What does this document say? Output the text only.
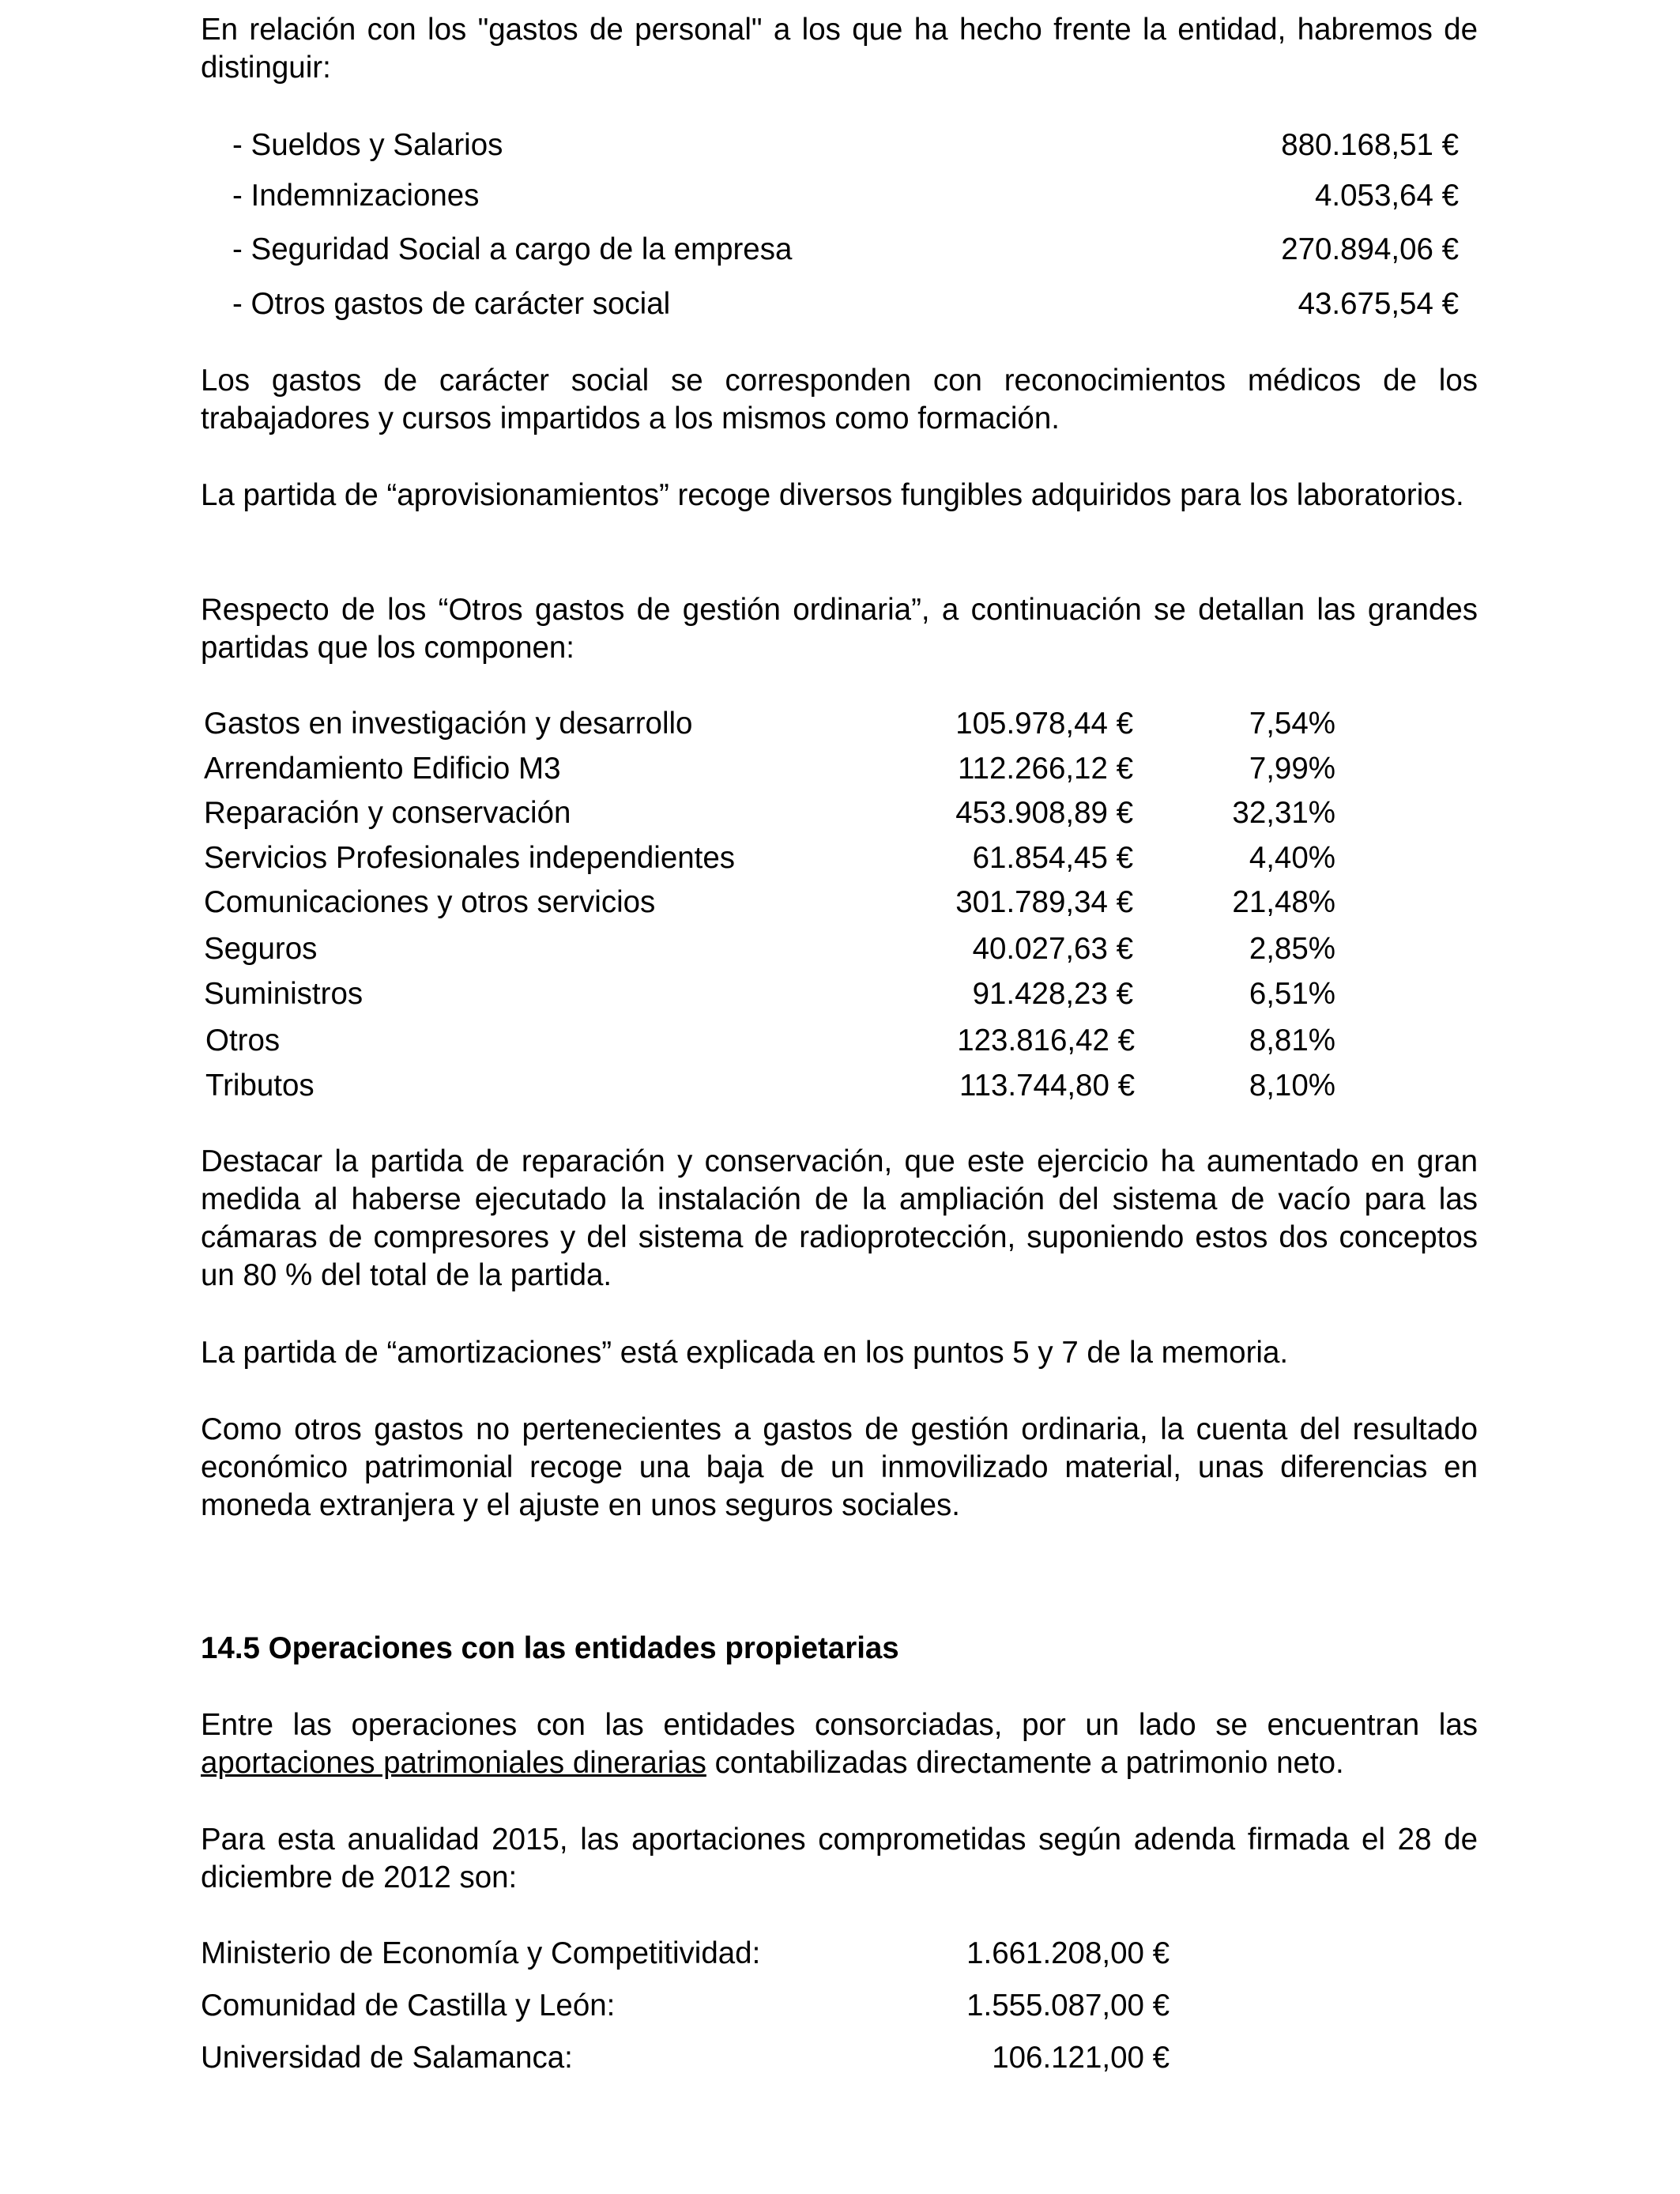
En relación con los "gastos de personal" a los que ha hecho frente la entidad, habremos de distinguir:

- Sueldos y Salarios	880.168,51 €
- Indemnizaciones	4.053,64 €
- Seguridad Social a cargo de la empresa	270.894,06 €
- Otros gastos de carácter social	43.675,54 €

Los gastos de carácter social se corresponden con reconocimientos médicos de los trabajadores y cursos impartidos a los mismos como formación.

La partida de “aprovisionamientos” recoge diversos fungibles adquiridos para los laboratorios.

Respecto de los “Otros gastos de gestión ordinaria”, a continuación se detallan las grandes partidas que los componen:

Gastos en investigación y desarrollo	105.978,44 €	7,54%
Arrendamiento Edificio M3	112.266,12 €	7,99%
Reparación y conservación	453.908,89 €	32,31%
Servicios Profesionales independientes	61.854,45 €	4,40%
Comunicaciones y otros servicios	301.789,34 €	21,48%
Seguros	40.027,63 €	2,85%
Suministros	91.428,23 €	6,51%
Otros	123.816,42 €	8,81%
Tributos	113.744,80 €	8,10%

Destacar la partida de reparación y conservación, que este ejercicio ha aumentado en gran medida al haberse ejecutado la instalación de la ampliación del sistema de vacío para las cámaras de compresores y del sistema de radioprotección, suponiendo estos dos conceptos un 80 % del total de la partida.

La partida de “amortizaciones” está explicada en los puntos 5 y 7 de la memoria.

Como otros gastos no pertenecientes a gastos de gestión ordinaria, la cuenta del resultado económico patrimonial recoge una baja de un inmovilizado material, unas diferencias en moneda extranjera y el ajuste en unos seguros sociales.

14.5 Operaciones con las entidades propietarias

Entre las operaciones con las entidades consorciadas, por un lado se encuentran las aportaciones patrimoniales dinerarias contabilizadas directamente a patrimonio neto.

Para esta anualidad 2015, las aportaciones comprometidas según adenda firmada el 28 de diciembre de 2012 son:

Ministerio de Economía y Competitividad:	1.661.208,00 €
Comunidad de Castilla y León:	1.555.087,00 €
Universidad de Salamanca:	106.121,00 €
